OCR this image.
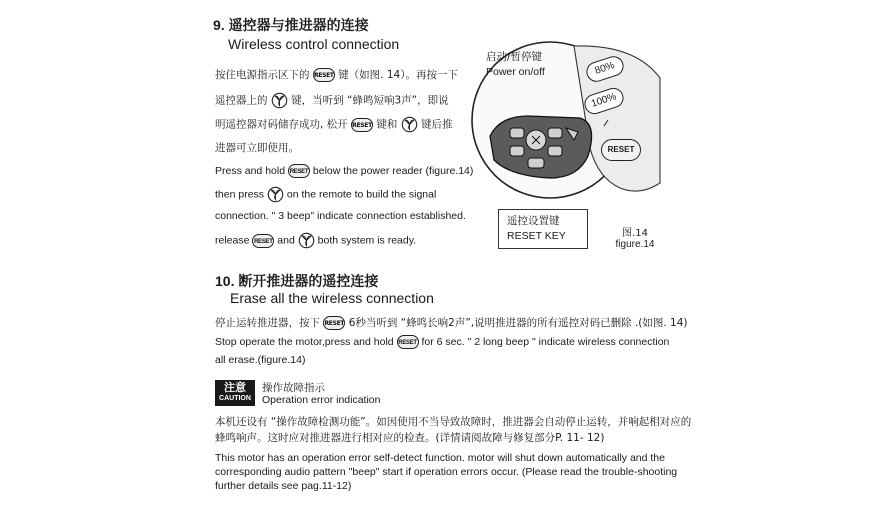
9. 遥控器与推进器的连接
Wireless control connection
按住电源指示区下的 RESET 键（如图. 14）。再按一下
遥控器上的 键，当听到 “蜂鸣短响3声”，即说
明遥控器对码储存成功, 松开 RESET 键和 键后推
进器可立即使用。
Press and hold RESET below the power reader (figure.14)
then press on the remote to build the signal
connection. " 3 beep" indicate connection established.
release RESET and both system is ready.
启动/暂停键
Power on/off	80%
100%
RESET
遥控设置键
RESET KEY	图.14
figure.14
10. 断开推进器的遥控连接
Erase all the wireless connection
停止运转推进器，按下 RESET 6秒当听到 “蜂鸣长响2声”,说明推进器的所有遥控对码已删除 .(如图. 14)
Stop operate the motor,press and hold RESET for 6 sec. " 2 long beep " indicate wireless connection
all erase.(figure.14)
注意
CAUTION
操作故障指示
Operation error indication
本机还设有 “操作故障检测功能”。如因使用不当导致故障时，推进器会自动停止运转，并响起相对应的
蜂鸣响声。这时应对推进器进行相对应的检查。(详情请阅故障与修复部分P. 11- 12)
This motor has an operation error self-detect function. motor will shut down automatically and the
corresponding audio pattern "beep" start if operation errors occur. (Please read the trouble-shooting
further details see pag.11-12)
